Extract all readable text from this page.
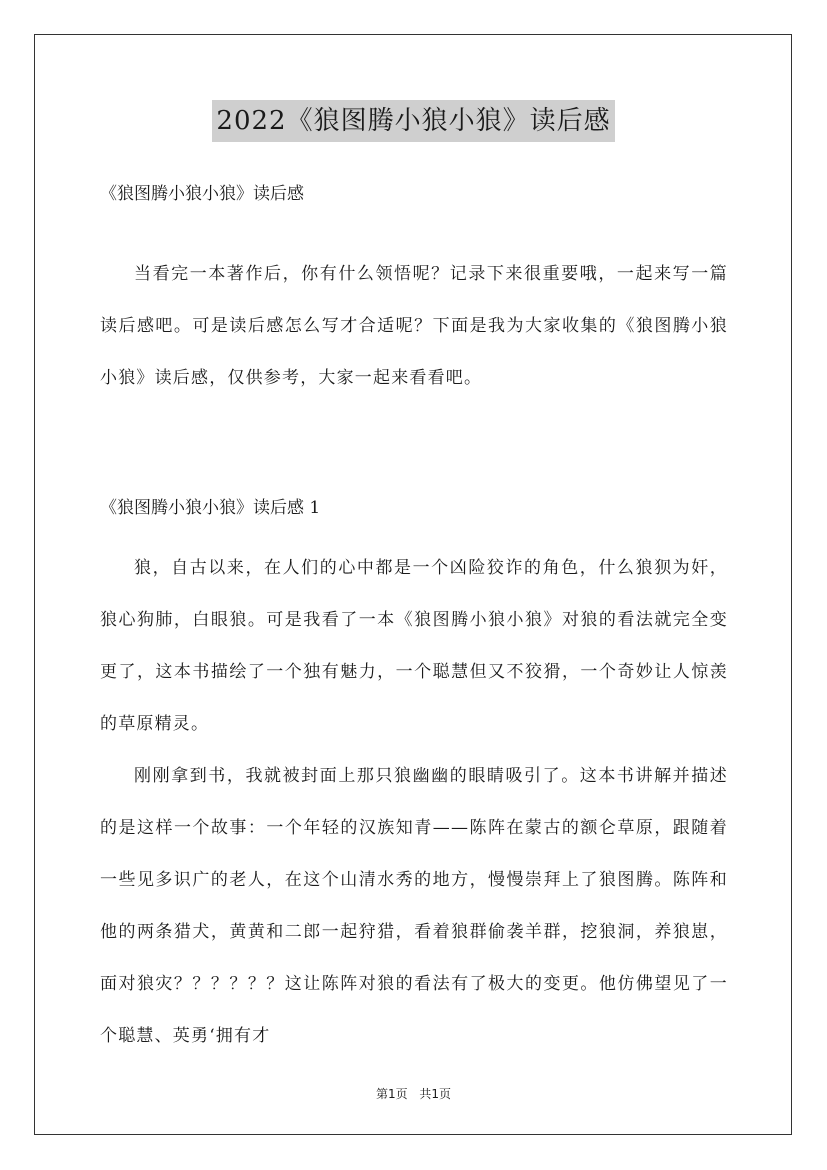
2022《狼图腾小狼小狼》读后感

《狼图腾小狼小狼》读后感

当看完一本著作后，你有什么领悟呢？记录下来很重要哦，一起来写一篇读后感吧。可是读后感怎么写才合适呢？下面是我为大家收集的《狼图腾小狼小狼》读后感，仅供参考，大家一起来看看吧。

《狼图腾小狼小狼》读后感 1

狼，自古以来，在人们的心中都是一个凶险狡诈的角色，什么狼狈为奸，狼心狗肺，白眼狼。可是我看了一本《狼图腾小狼小狼》对狼的看法就完全变更了，这本书描绘了一个独有魅力，一个聪慧但又不狡猾，一个奇妙让人惊羡的草原精灵。

刚刚拿到书，我就被封面上那只狼幽幽的眼睛吸引了。这本书讲解并描述的是这样一个故事：一个年轻的汉族知青——陈阵在蒙古的额仑草原，跟随着一些见多识广的老人，在这个山清水秀的地方，慢慢崇拜上了狼图腾。陈阵和他的两条猎犬，黄黄和二郎一起狩猎，看着狼群偷袭羊群，挖狼洞，养狼崽，面对狼灾？？？？？？这让陈阵对狼的看法有了极大的变更。他仿佛望见了一个聪慧、英勇‘拥有才

第1页 共1页
